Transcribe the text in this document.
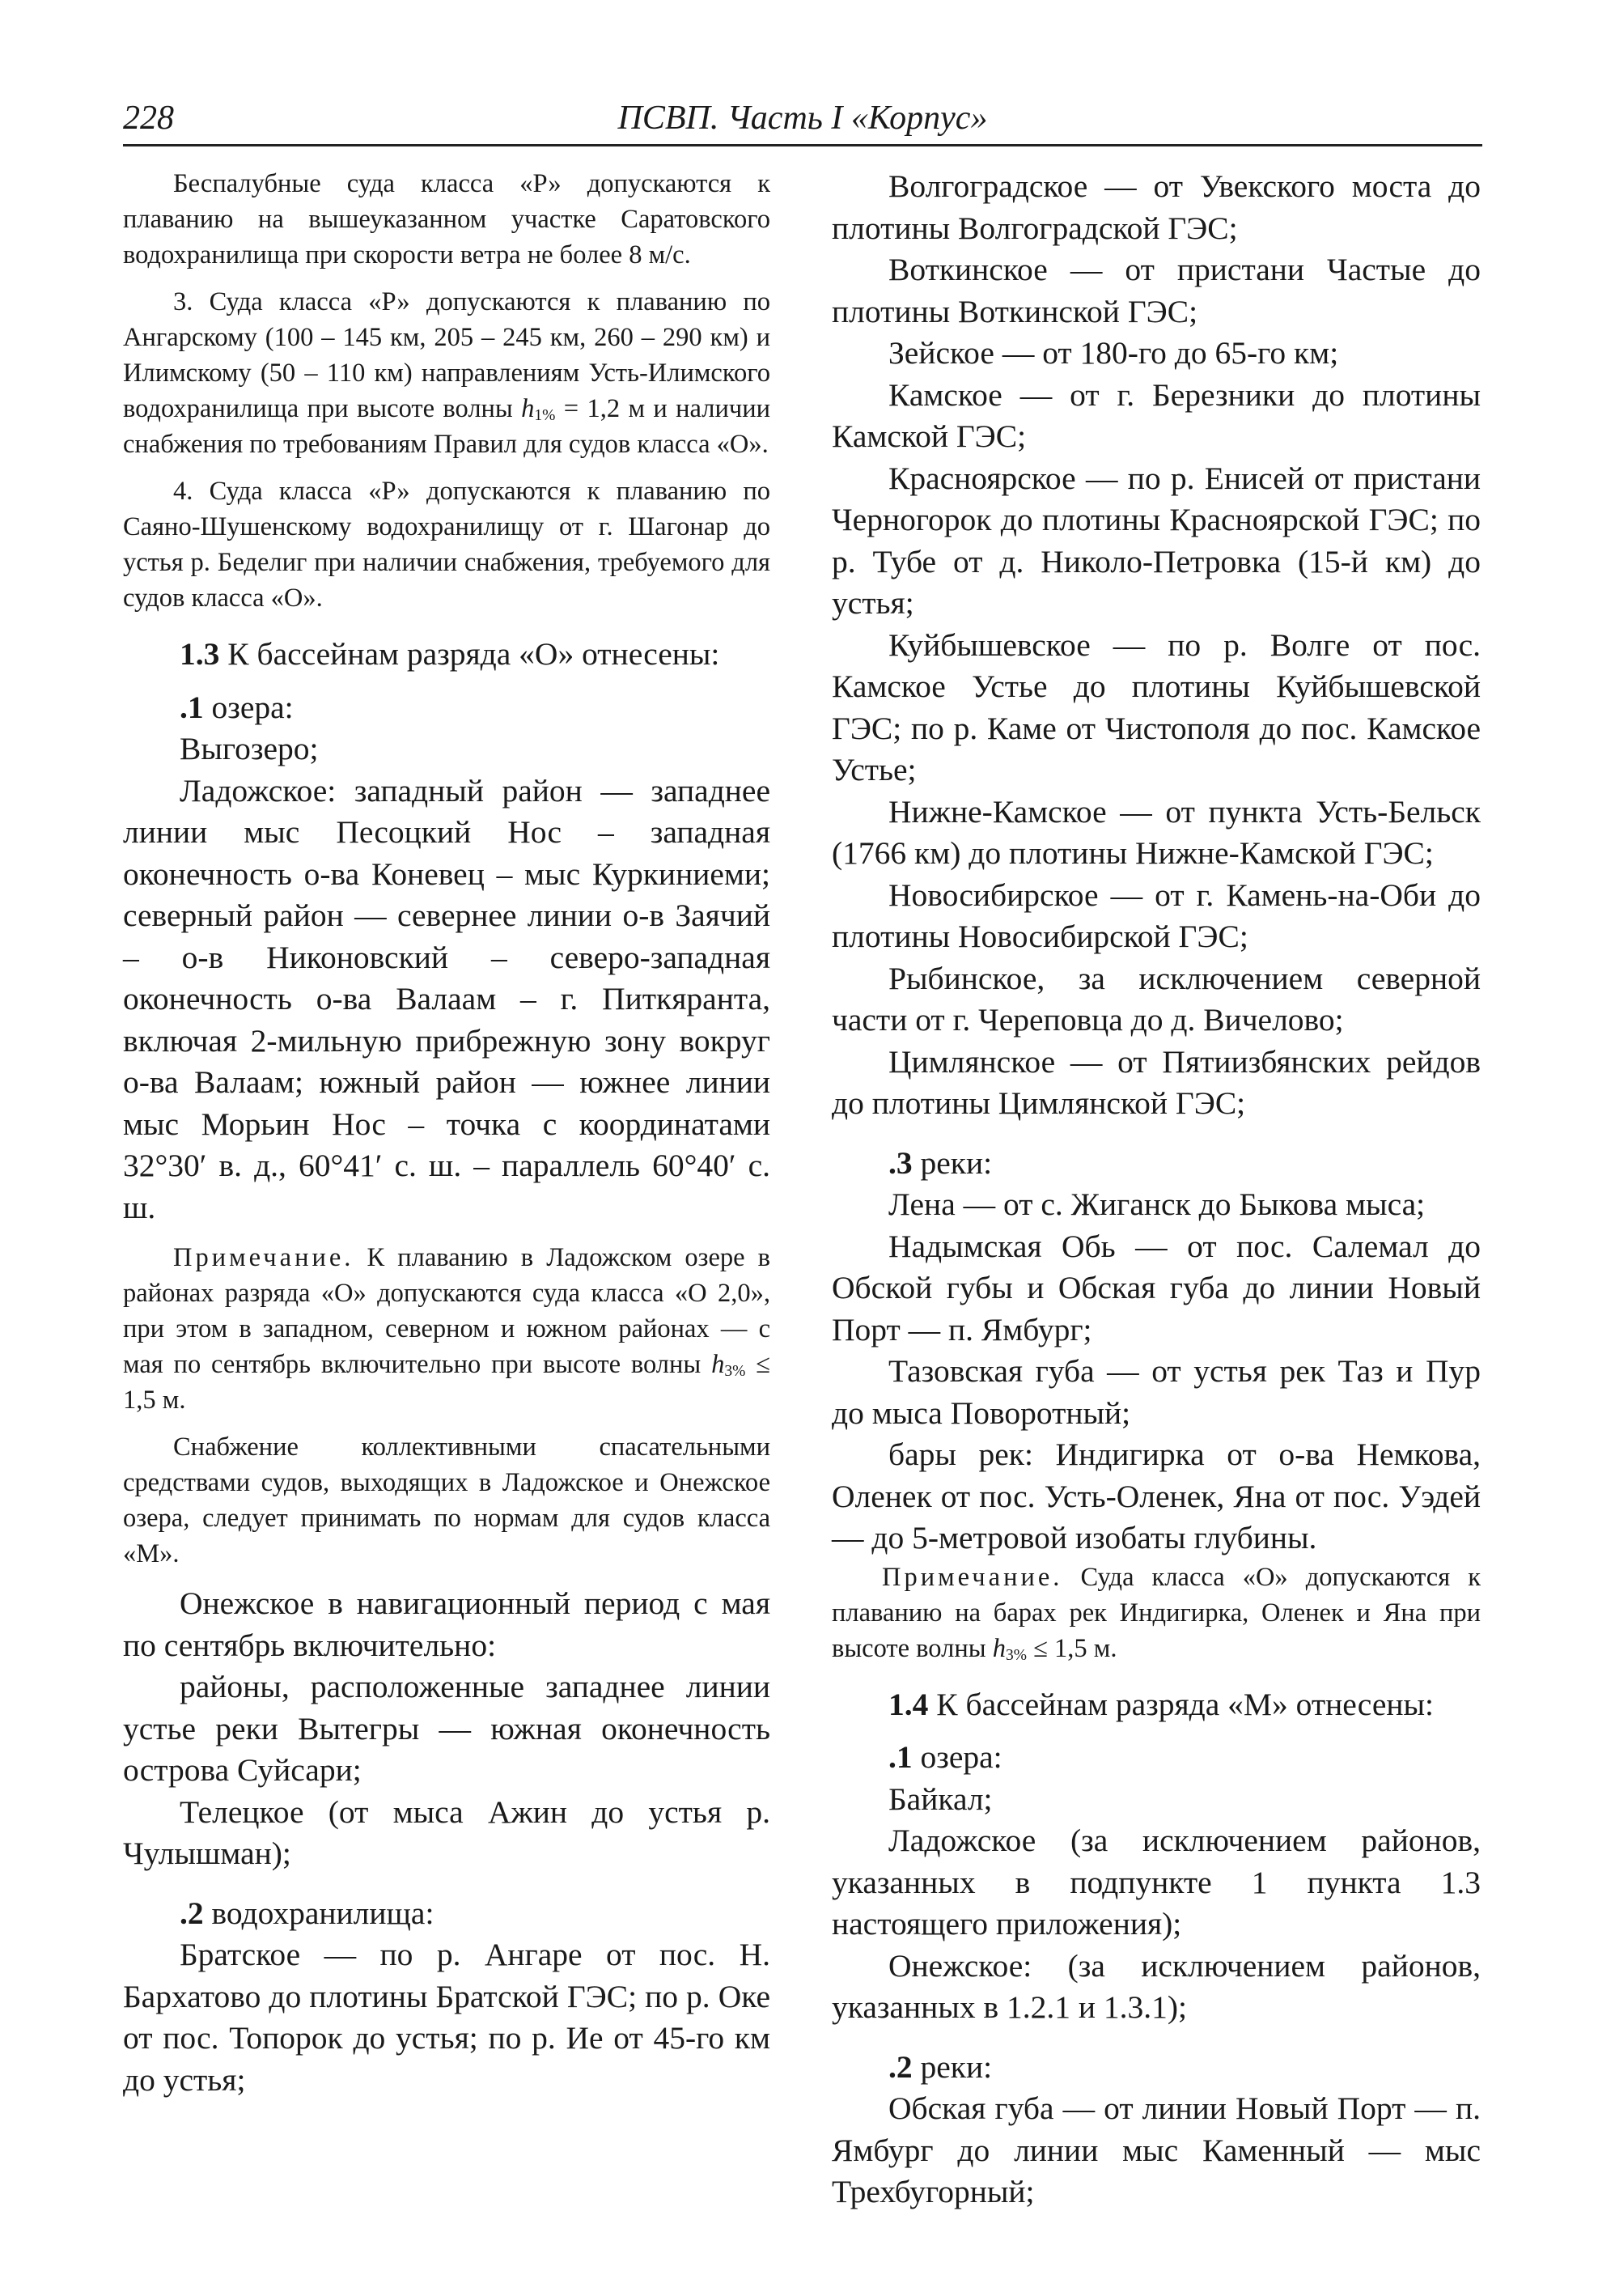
228	ПСВП. Часть I «Корпус»

Беспалубные суда класса «Р» допускаются к плаванию на вышеуказанном участке Саратовского водохранилища при скорости ветра не более 8 м/с.

3. Суда класса «Р» допускаются к плаванию по Ангарскому (100 – 145 км, 205 – 245 км, 260 – 290 км) и Илимскому (50 – 110 км) направлениям Усть-Илимского водохранилища при высоте волны $h_{1\%} = 1,2$ м и наличии снабжения по требованиям Правил для судов класса «О».

4. Суда класса «Р» допускаются к плаванию по Саяно-Шушенскому водохранилищу от г. Шагонар до устья р. Беделиг при наличии снабжения, требуемого для судов класса «О».

1.3 К бассейнам разряда «О» отнесены:

.1 озера:

Выгозеро;

Ладожское: западный район — западнее линии мыс Песоцкий Нос – западная оконечность о-ва Коневец – мыс Куркиниеми; северный район — севернее линии о-в Заячий – о-в Никоновский – северо-западная оконечность о-ва Валаам – г. Питкяранта, включая 2-мильную прибрежную зону вокруг о-ва Валаам; южный район — южнее линии мыс Морьин Нос – точка с координатами 32°30′ в. д., 60°41′ с. ш. – параллель 60°40′ с. ш.

Примечание. К плаванию в Ладожском озере в районах разряда «О» допускаются суда класса «О 2,0», при этом в западном, северном и южном районах — с мая по сентябрь включительно при высоте волны $h_{3\%} \le 1,5$ м.

Снабжение коллективными спасательными средствами судов, выходящих в Ладожское и Онежское озера, следует принимать по нормам для судов класса «М».

Онежское в навигационный период с мая по сентябрь включительно:

районы, расположенные западнее линии устье реки Вытегры — южная оконечность острова Суйсари;

Телецкое (от мыса Ажин до устья р. Чулышман);

.2 водохранилища:

Братское — по р. Ангаре от пос. Н. Бархатово до плотины Братской ГЭС; по р. Оке от пос. Топорок до устья; по р. Ие от 45-го км до устья;

Волгоградское — от Увекского моста до плотины Волгоградской ГЭС;

Воткинское — от пристани Частые до плотины Воткинской ГЭС;

Зейское — от 180-го до 65-го км;

Камское — от г. Березники до плотины Камской ГЭС;

Красноярское — по р. Енисей от пристани Черногорок до плотины Красноярской ГЭС; по р. Тубе от д. Николо-Петровка (15-й км) до устья;

Куйбышевское — по р. Волге от пос. Камское Устье до плотины Куйбышевской ГЭС; по р. Каме от Чистополя до пос. Камское Устье;

Нижне-Камское — от пункта Усть-Бельск (1766 км) до плотины Нижне-Камской ГЭС;

Новосибирское — от г. Камень-на-Оби до плотины Новосибирской ГЭС;

Рыбинское, за исключением северной части от г. Череповца до д. Вичелово;

Цимлянское — от Пятиизбянских рейдов до плотины Цимлянской ГЭС;

.3 реки:

Лена — от с. Жиганск до Быкова мыса;

Надымская Обь — от пос. Салемал до Обской губы и Обская губа до линии Новый Порт — п. Ямбург;

Тазовская губа — от устья рек Таз и Пур до мыса Поворотный;

бары рек: Индигирка от о-ва Немкова, Оленек от пос. Усть-Оленек, Яна от пос. Уэдей — до 5-метровой изобаты глубины.

Примечание. Суда класса «О» допускаются к плаванию на барах рек Индигирка, Оленек и Яна при высоте волны $h_{3\%} \le 1,5$ м.

1.4 К бассейнам разряда «М» отнесены:

.1 озера:

Байкал;

Ладожское (за исключением районов, указанных в подпункте 1 пункта 1.3 настоящего приложения);

Онежское: (за исключением районов, указанных в 1.2.1 и 1.3.1);

.2 реки:

Обская губа — от линии Новый Порт — п. Ямбург до линии мыс Каменный — мыс Трехбугорный;
